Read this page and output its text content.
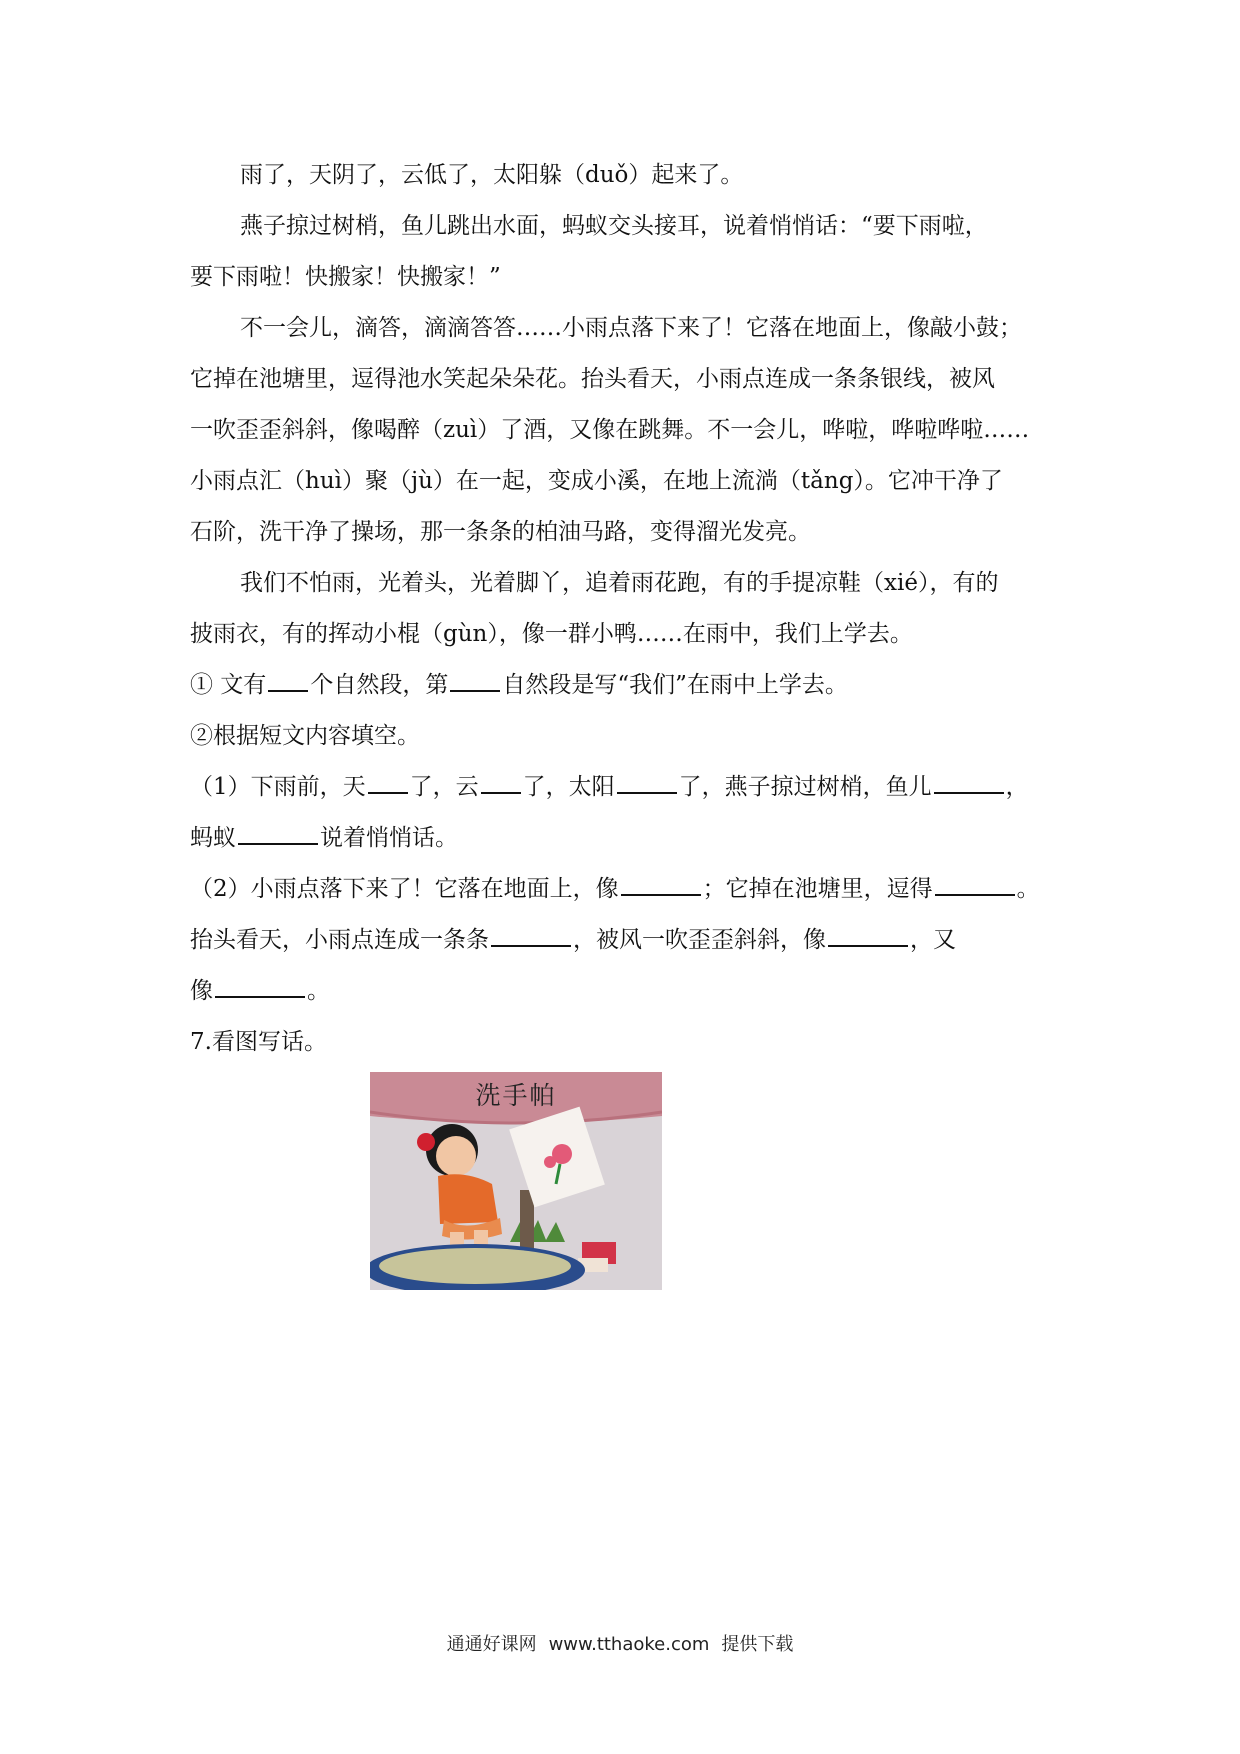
雨了，天阴了，云低了，太阳躲（duǒ）起来了。
燕子掠过树梢，鱼儿跳出水面，蚂蚁交头接耳，说着悄悄话：“要下雨啦，
要下雨啦！快搬家！快搬家！”
不一会儿，滴答，滴滴答答……小雨点落下来了！它落在地面上，像敲小鼓；
它掉在池塘里，逗得池水笑起朵朵花。抬头看天，小雨点连成一条条银线，被风
一吹歪歪斜斜，像喝醉（zuì）了酒，又像在跳舞。不一会儿，哗啦，哗啦哗啦……
小雨点汇（huì）聚（jù）在一起，变成小溪，在地上流淌（tǎng）。它冲干净了
石阶，洗干净了操场，那一条条的柏油马路，变得溜光发亮。
我们不怕雨，光着头，光着脚丫，追着雨花跑，有的手提凉鞋（xié），有的
披雨衣，有的挥动小棍（gùn），像一群小鸭……在雨中，我们上学去。
① 文有 个自然段，第 自然段是写“我们”在雨中上学去。
②根据短文内容填空。
（1）下雨前，天 了，云 了，太阳	了，燕子掠过树梢，鱼儿	，
蚂蚁	说着悄悄话。
（2）小雨点落下来了！它落在地面上，像	；它掉在池塘里，逗得	。
抬头看天，小雨点连成一条条	，被风一吹歪歪斜斜，像	，又
像	。
7.看图写话。
洗手帕
通通好课网 www.tthaoke.com 提供下载
